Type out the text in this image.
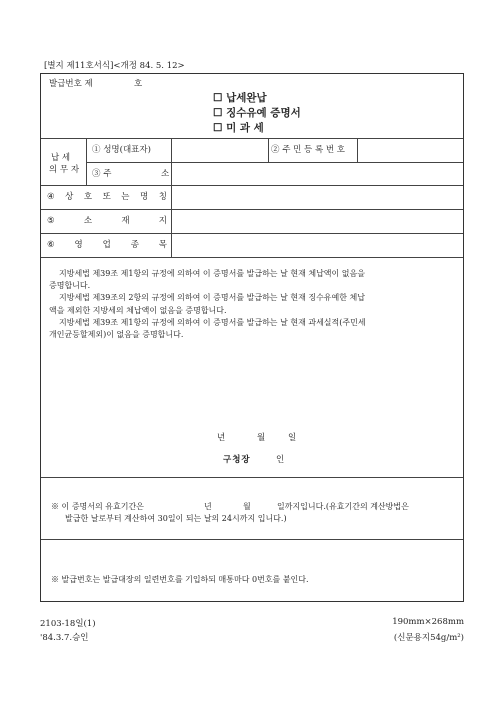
[별지 제11호서식]<개정 84. 5. 12>
발급번호 제	호
☐ 납세완납
☐ 징수유예 증명서
☐ 미 과 세
납 세
의 무 자
① 성명(대표자)	② 주 민 등 록 번 호
③ 주	소
④ 상 호 또 는 명 칭
⑤	소	재	지
⑥ 영 업 종 목

지방세법 제39조 제1항의 규정에 의하여 이 증명서를 발급하는 날 현재 체납액이 없음을

증명합니다.

지방세법 제39조의 2항의 규정에 의하여 이 증명서를 발급하는 날 현재 징수유예한 체납

액을 제외한 지방세의 체납액이 없음을 증명합니다.

지방세법 제39조 제1항의 규정에 의하여 이 증명서를 발급하는 날 현재 과세실적(주민세

개인균등할제외)이 없음을 증명합니다.

년	월	일
구청장	인

※ 이 증명서의 유효기간은	년	월	일까지입니다.(유효기간의 계산방법은

발급한 날로부터 계산하여 30일이 되는 날의 24시까지 입니다.)

※ 발급번호는 발급대장의 일련번호를 기입하되 매통마다 0번호를 붙인다.

2103-18일(1)
'84.3.7.승인
190mm×268mm
(신문용지54g/m²)
